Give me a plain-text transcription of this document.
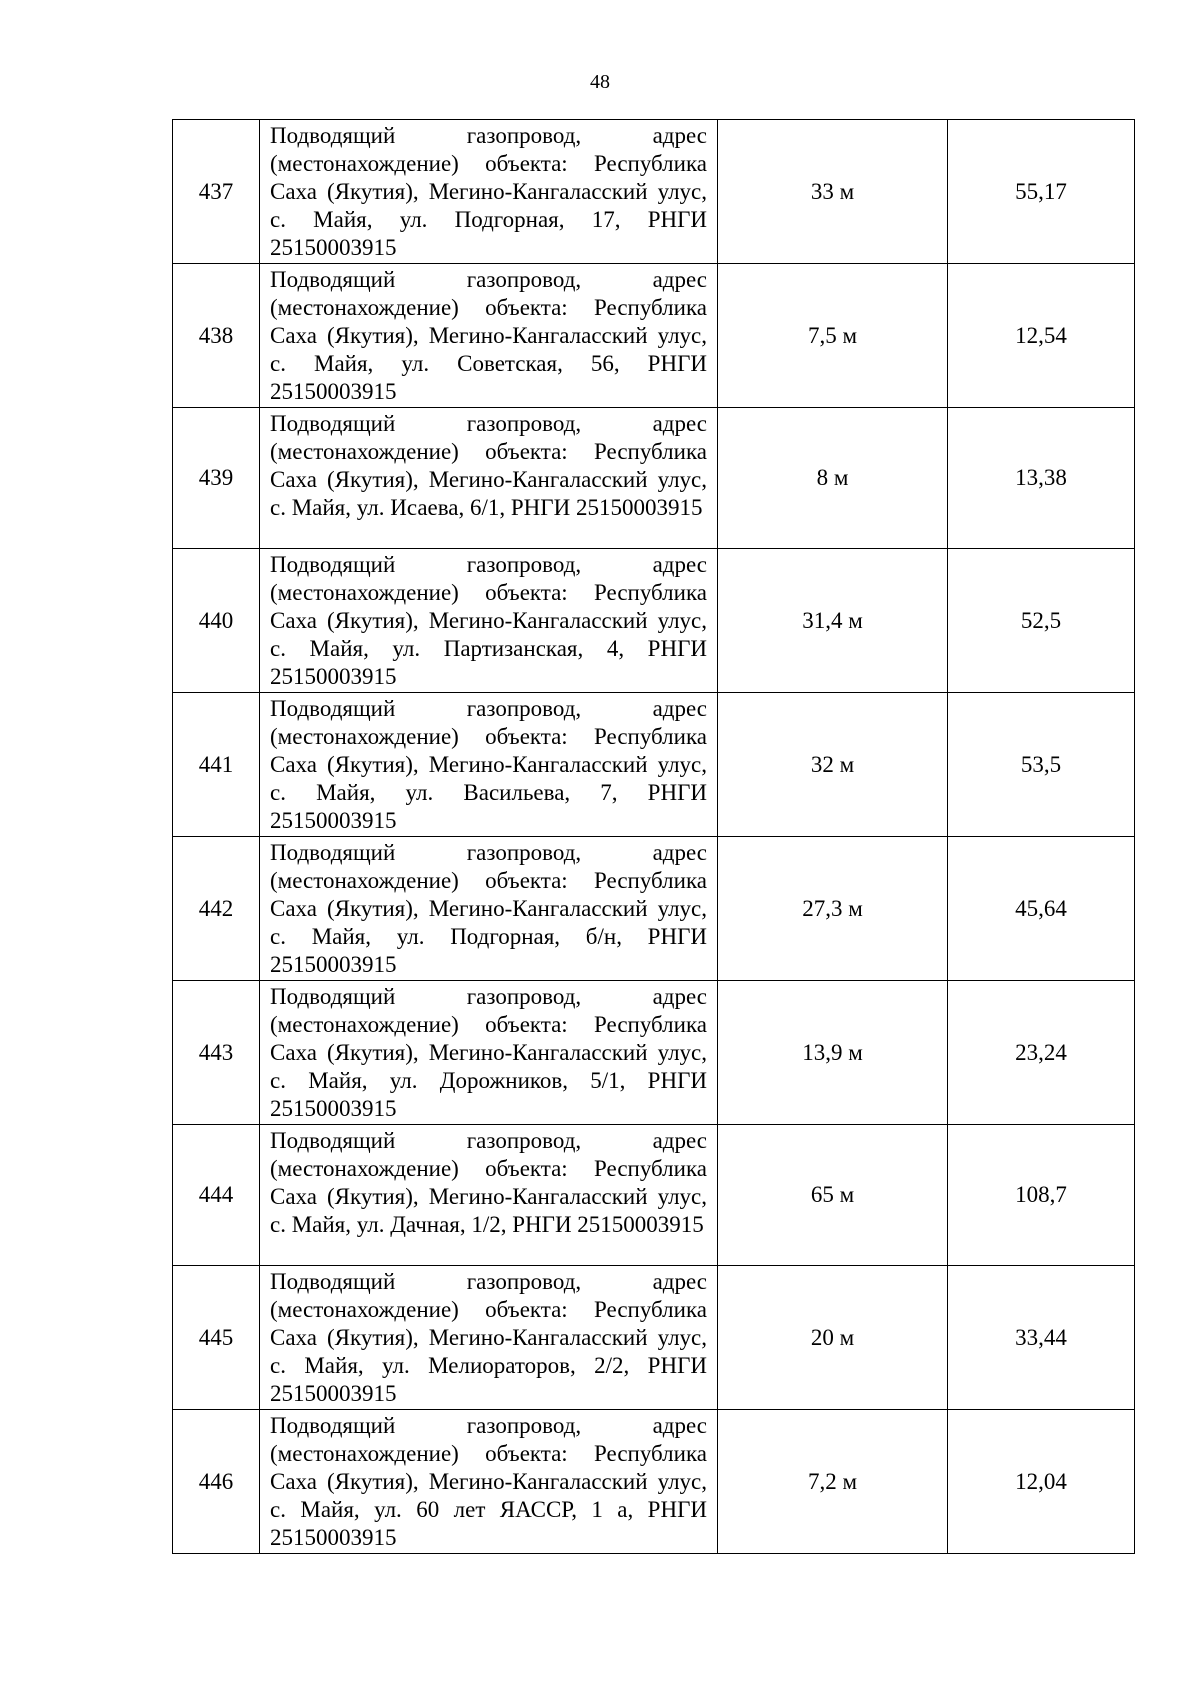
48
437	Подводящий газопровод, адрес (местонахождение) объекта: Республика Саха (Якутия), Мегино-Кангаласский улус, с. Майя, ул. Подгорная, 17, РНГИ 25150003915	33 м	55,17
438	Подводящий газопровод, адрес (местонахождение) объекта: Республика Саха (Якутия), Мегино-Кангаласский улус, с. Майя, ул. Советская, 56, РНГИ 25150003915	7,5 м	12,54
439	Подводящий газопровод, адрес (местонахождение) объекта: Республика Саха (Якутия), Мегино-Кангаласский улус, с. Майя, ул. Исаева, 6/1, РНГИ 25150003915	8 м	13,38
440	Подводящий газопровод, адрес (местонахождение) объекта: Республика Саха (Якутия), Мегино-Кангаласский улус, с. Майя, ул. Партизанская, 4, РНГИ 25150003915	31,4 м	52,5
441	Подводящий газопровод, адрес (местонахождение) объекта: Республика Саха (Якутия), Мегино-Кангаласский улус, с. Майя, ул. Васильева, 7, РНГИ 25150003915	32 м	53,5
442	Подводящий газопровод, адрес (местонахождение) объекта: Республика Саха (Якутия), Мегино-Кангаласский улус, с. Майя, ул. Подгорная, б/н, РНГИ 25150003915	27,3 м	45,64
443	Подводящий газопровод, адрес (местонахождение) объекта: Республика Саха (Якутия), Мегино-Кангаласский улус, с. Майя, ул. Дорожников, 5/1, РНГИ 25150003915	13,9 м	23,24
444	Подводящий газопровод, адрес (местонахождение) объекта: Республика Саха (Якутия), Мегино-Кангаласский улус, с. Майя, ул. Дачная, 1/2, РНГИ 25150003915	65 м	108,7
445	Подводящий газопровод, адрес (местонахождение) объекта: Республика Саха (Якутия), Мегино-Кангаласский улус, с. Майя, ул. Мелиораторов, 2/2, РНГИ 25150003915	20 м	33,44
446	Подводящий газопровод, адрес (местонахождение) объекта: Республика Саха (Якутия), Мегино-Кангаласский улус, с. Майя, ул. 60 лет ЯАССР, 1 а, РНГИ 25150003915	7,2 м	12,04
